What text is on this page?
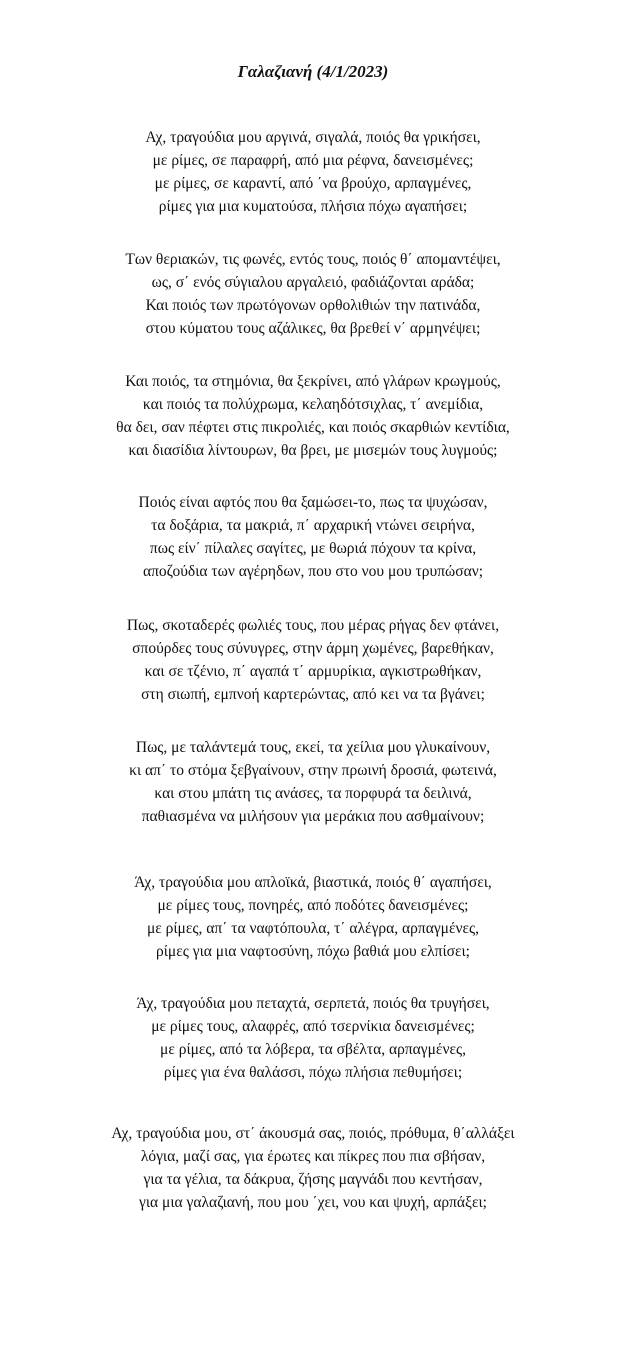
Γαλαζιανή (4/1/2023)
Αχ, τραγούδια μου αργινά, σιγαλά, ποιός θα γρικήσει,
με ρίμες, σε παραφρή, από μια ρέφνα, δανεισμένες;
με ρίμες, σε καραντί, από ΄να βρούχο, αρπαγμένες,
ρίμες για μια κυματούσα, πλήσια πόχω αγαπήσει;
Των θεριακών, τις φωνές, εντός τους, ποιός θ΄ απομαντέψει,
ως, σ΄ ενός σύγιαλου αργαλειό, φαδιάζονται αράδα;
Και ποιός των πρωτόγονων ορθολιθιών την πατινάδα,
στου κύματου τους αζάλικες, θα βρεθεί ν΄ αρμηνέψει;
Και ποιός, τα στημόνια, θα ξεκρίνει, από γλάρων κρωγμούς,
και ποιός τα πολύχρωμα, κελαηδότσιχλας, τ΄ ανεμίδια,
θα δει, σαν πέφτει στις πικρολιές, και ποιός σκαρθιών κεντίδια,
και διασίδια λίντουρων, θα βρει, με μισεμών τους λυγμούς;
Ποιός είναι αφτός που θα ξαμώσει-το, πως τα ψυχώσαν,
τα δοξάρια, τα μακριά, π΄ αρχαρική ντώνει σειρήνα,
πως είν΄ πίλαλες σαγίτες, με θωριά πόχουν τα κρίνα,
αποζούδια των αγέρηδων, που στο νου μου τρυπώσαν;
Πως, σκοταδερές φωλιές τους, που μέρας ρήγας δεν φτάνει,
σπούρδες τους σύνυγρες, στην άρμη χωμένες, βαρεθήκαν,
και σε τζένιο, π΄ αγαπά τ΄ αρμυρίκια, αγκιστρωθήκαν,
στη σιωπή, εμπνοή καρτερώντας, από κει να τα βγάνει;
Πως, με ταλάντεμά τους, εκεί, τα χείλια μου γλυκαίνουν,
κι απ΄ το στόμα ξεβγαίνουν, στην πρωινή δροσιά, φωτεινά,
και στου μπάτη τις ανάσες, τα πορφυρά τα δειλινά,
παθιασμένα να μιλήσουν για μεράκια που ασθμαίνουν;
Άχ, τραγούδια μου απλοϊκά, βιαστικά, ποιός θ΄ αγαπήσει,
με ρίμες τους, πονηρές, από ποδότες δανεισμένες;
με ρίμες, απ΄ τα ναφτόπουλα, τ΄ αλέγρα, αρπαγμένες,
ρίμες για μια ναφτοσύνη, πόχω βαθιά μου ελπίσει;
Άχ, τραγούδια μου πεταχτά, σερπετά, ποιός θα τρυγήσει,
με ρίμες τους, αλαφρές, από τσερνίκια δανεισμένες;
με ρίμες, από τα λόβερα, τα σβέλτα, αρπαγμένες,
ρίμες για ένα θαλάσσι, πόχω πλήσια πεθυμήσει;
Αχ, τραγούδια μου, στ΄ άκουσμά σας, ποιός, πρόθυμα, θ΄αλλάξει
λόγια, μαζί σας, για έρωτες και πίκρες που πια σβήσαν,
για τα γέλια, τα δάκρυα, ζήσης μαγνάδι που κεντήσαν,
για μια γαλαζιανή, που μου ΄χει, νου και ψυχή, αρπάξει;
